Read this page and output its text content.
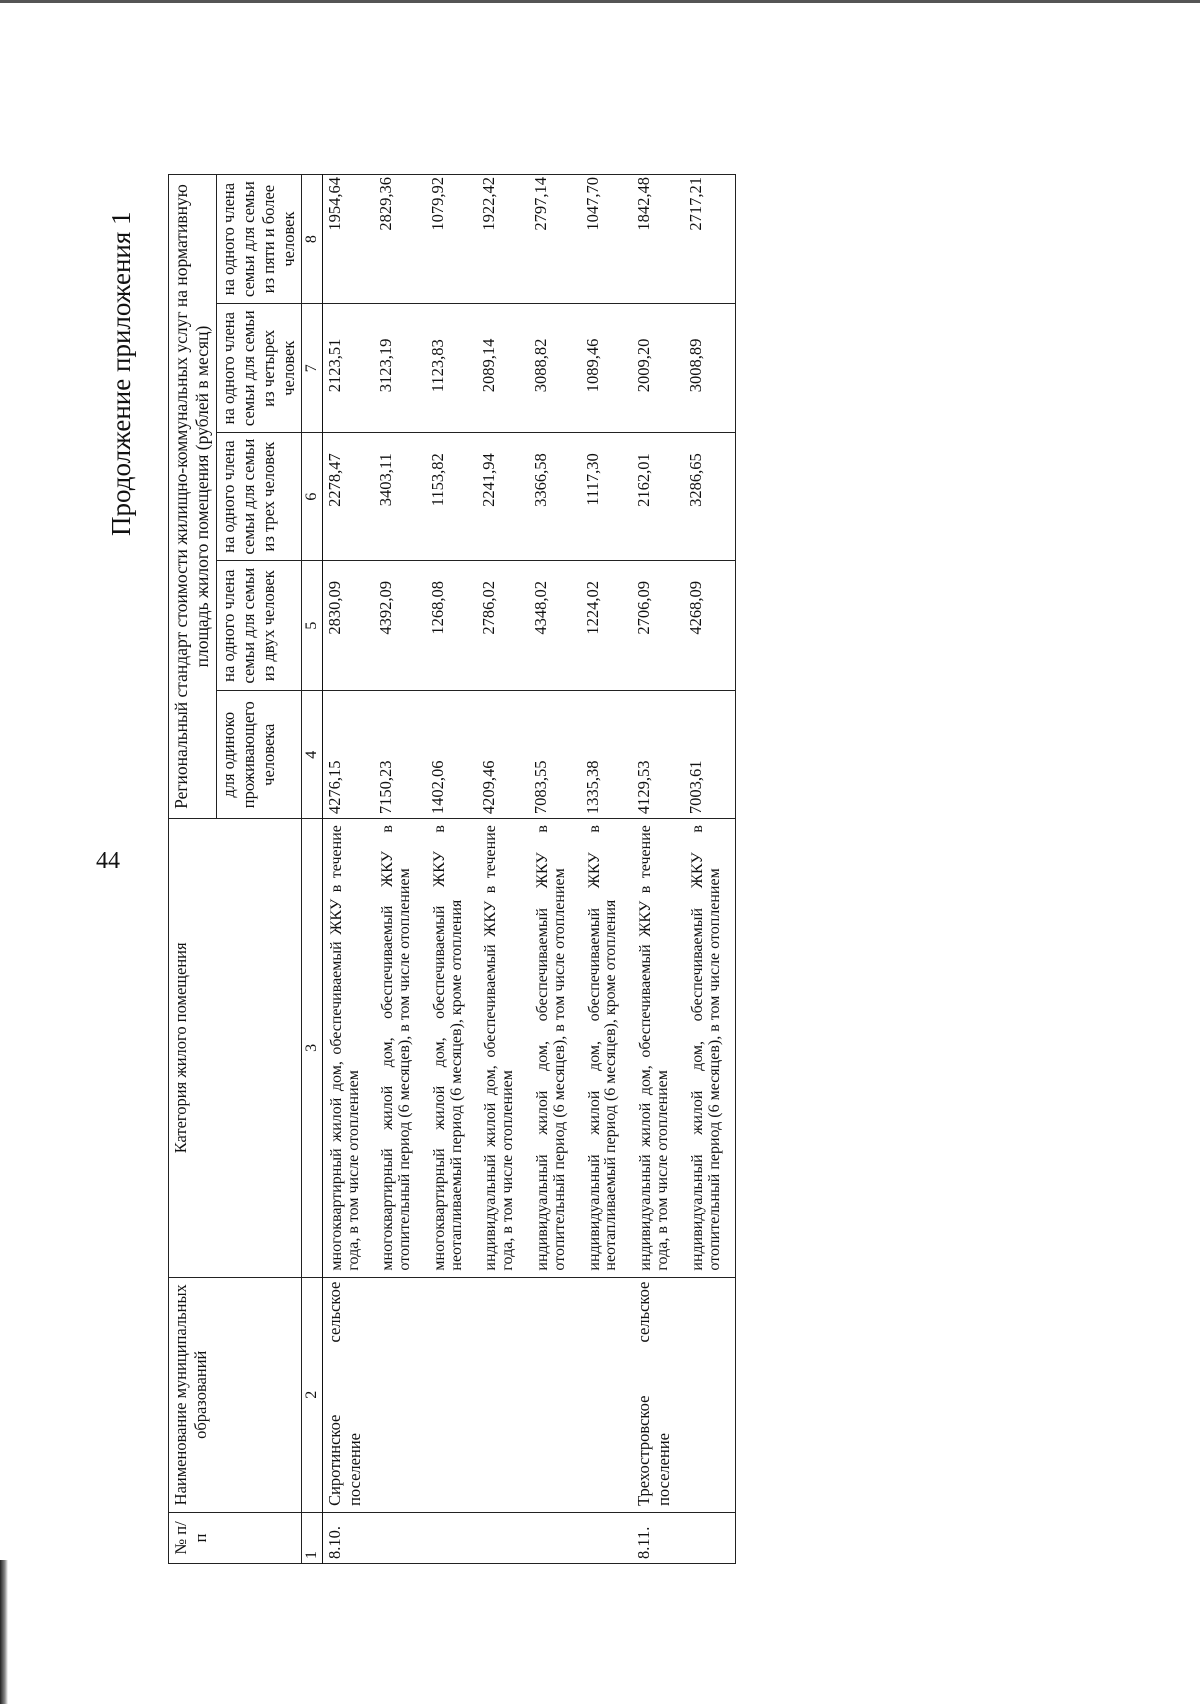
44
Продолжение приложения 1
№ п/п	Наименование муниципальных образований	Категория жилого помещения	Региональный стандарт стоимости жилищно-коммунальных услуг на нормативную площадь жилого помещения (рублей в месяц)				
			для одиноко проживающего человека	на одного члена семьи для семьи из двух человек	на одного члена семьи для семьи из трех человек	на одного члена семьи для семьи из четырех человек	на одного члена семьи для семьи из пяти и более человек
1	2	3	4	5	6	7	8
8.10.	Сиротинское сельское поселение	многоквартирный жилой дом, обеспечиваемый ЖКУ в течение года, в том числе отоплением	4276,15	2830,09	2278,47	2123,51	1954,64
		многоквартирный жилой дом, обеспечиваемый ЖКУ в отопительный период (6 месяцев), в том числе отоплением	7150,23	4392,09	3403,11	3123,19	2829,36
		многоквартирный жилой дом, обеспечиваемый ЖКУ в неотапливаемый период (6 месяцев), кроме отопления	1402,06	1268,08	1153,82	1123,83	1079,92
		индивидуальный жилой дом, обеспечиваемый ЖКУ в течение года, в том числе отоплением	4209,46	2786,02	2241,94	2089,14	1922,42
		индивидуальный жилой дом, обеспечиваемый ЖКУ в отопительный период (6 месяцев), в том числе отоплением	7083,55	4348,02	3366,58	3088,82	2797,14
		индивидуальный жилой дом, обеспечиваемый ЖКУ в неотапливаемый период (6 месяцев), кроме отопления	1335,38	1224,02	1117,30	1089,46	1047,70
8.11.	Трехостровское сельское поселение	индивидуальный жилой дом, обеспечиваемый ЖКУ в течение года, в том числе отоплением	4129,53	2706,09	2162,01	2009,20	1842,48
		индивидуальный жилой дом, обеспечиваемый ЖКУ в отопительный период (6 месяцев), в том числе отоплением	7003,61	4268,09	3286,65	3008,89	2717,21
